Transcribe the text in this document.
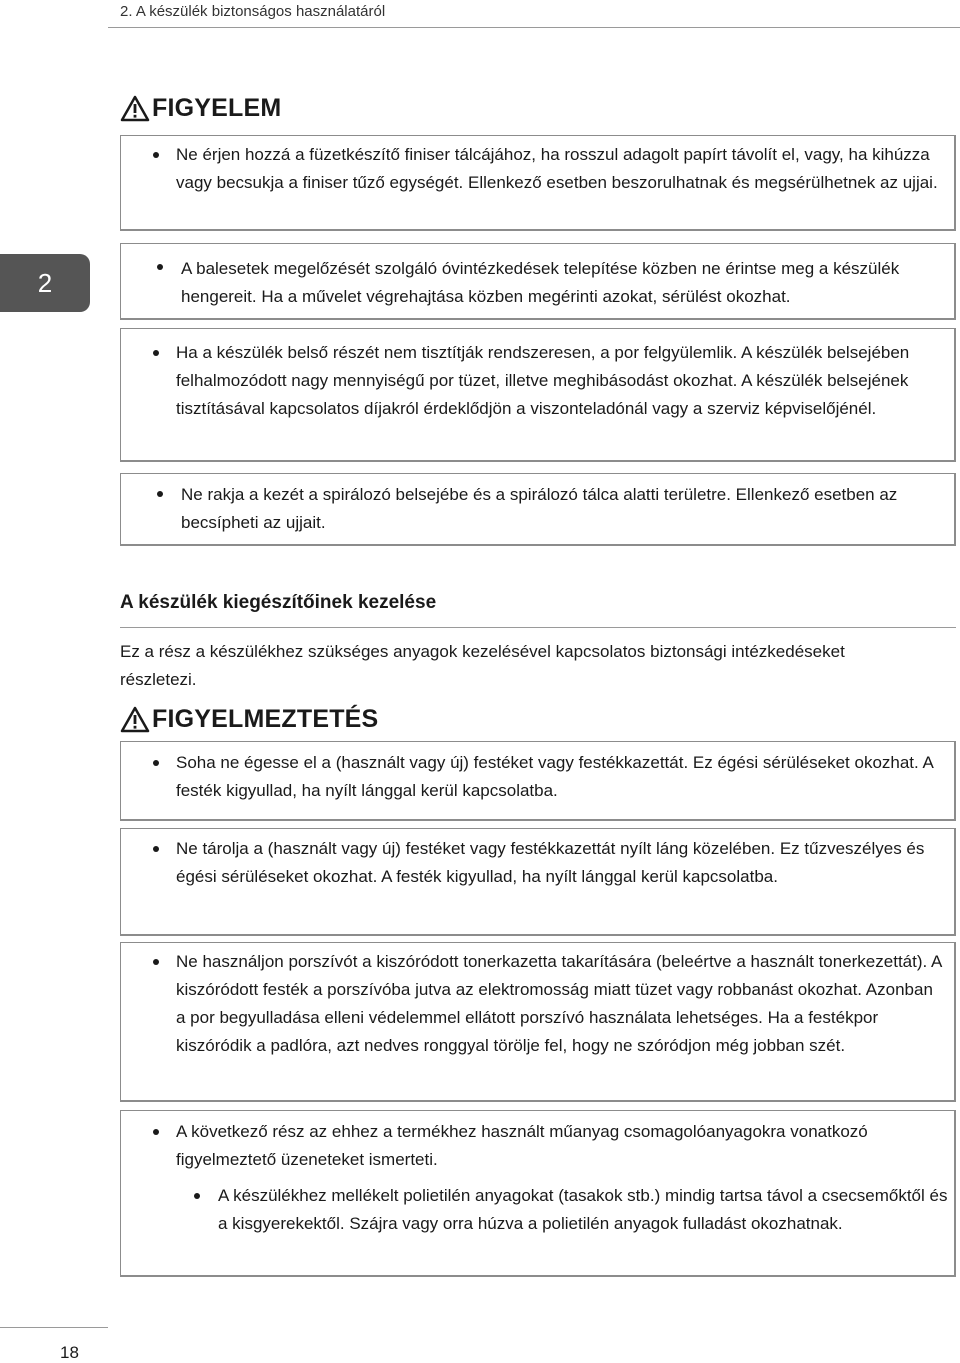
2. A készülék biztonságos használatáról
2
FIGYELEM
Ne érjen hozzá a füzetkészítő finiser tálcájához, ha rosszul adagolt papírt távolít el, vagy, ha kihúzza vagy becsukja a finiser tűző egységét. Ellenkező esetben beszorulhatnak és megsérülhetnek az ujjai.
A balesetek megelőzését szolgáló óvintézkedések telepítése közben ne érintse meg a készülék hengereit. Ha a művelet végrehajtása közben megérinti azokat, sérülést okozhat.
Ha a készülék belső részét nem tisztítják rendszeresen, a por felgyülemlik. A készülék belsejében felhalmozódott nagy mennyiségű por tüzet, illetve meghibásodást okozhat. A készülék belsejének tisztításával kapcsolatos díjakról érdeklődjön a viszonteladónál vagy a szerviz képviselőjénél.
Ne rakja a kezét a spirálozó belsejébe és a spirálozó tálca alatti területre. Ellenkező esetben az becsípheti az ujjait.
A készülék kiegészítőinek kezelése
Ez a rész a készülékhez szükséges anyagok kezelésével kapcsolatos biztonsági intézkedéseket részletezi.
FIGYELMEZTETÉS
Soha ne égesse el a (használt vagy új) festéket vagy festékkazettát. Ez égési sérüléseket okozhat. A festék kigyullad, ha nyílt lánggal kerül kapcsolatba.
Ne tárolja a (használt vagy új) festéket vagy festékkazettát nyílt láng közelében. Ez tűzveszélyes és égési sérüléseket okozhat. A festék kigyullad, ha nyílt lánggal kerül kapcsolatba.
Ne használjon porszívót a kiszóródott tonerkazetta takarítására (beleértve a használt tonerkezettát). A kiszóródott festék a porszívóba jutva az elektromosság miatt tüzet vagy robbanást okozhat. Azonban a por begyulladása elleni védelemmel ellátott porszívó használata lehetséges. Ha a festékpor kiszóródik a padlóra, azt nedves ronggyal törölje fel, hogy ne szóródjon még jobban szét.
A következő rész az ehhez a termékhez használt műanyag csomagolóanyagokra vonatkozó figyelmeztető üzeneteket ismerteti.
A készülékhez mellékelt polietilén anyagokat (tasakok stb.) mindig tartsa távol a csecsemőktől és a kisgyerekektől. Szájra vagy orra húzva a polietilén anyagok fulladást okozhatnak.
18
